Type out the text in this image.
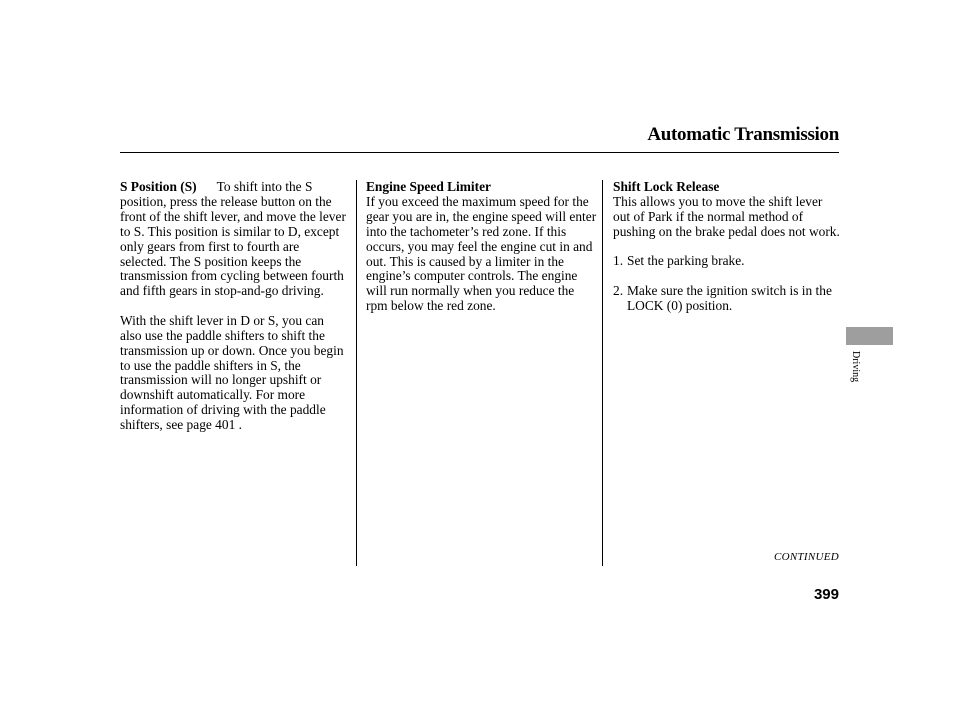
Automatic Transmission

S Position (S) To shift into the S position, press the release button on the front of the shift lever, and move the lever to S. This position is similar to D, except only gears from first to fourth are selected. The S position keeps the transmission from cycling between fourth and fifth gears in stop-and-go driving.

With the shift lever in D or S, you can also use the paddle shifters to shift the transmission up or down. Once you begin to use the paddle shifters in S, the transmission will no longer upshift or downshift automatically. For more information of driving with the paddle shifters, see page 401 .

Engine Speed Limiter
If you exceed the maximum speed for the gear you are in, the engine speed will enter into the tachometer’s red zone. If this occurs, you may feel the engine cut in and out. This is caused by a limiter in the engine’s computer controls. The engine will run normally when you reduce the rpm below the red zone.

Shift Lock Release
This allows you to move the shift lever out of Park if the normal method of pushing on the brake pedal does not work.

1. Set the parking brake.

2. Make sure the ignition switch is in the LOCK (0) position.

Driving
CONTINUED
399
